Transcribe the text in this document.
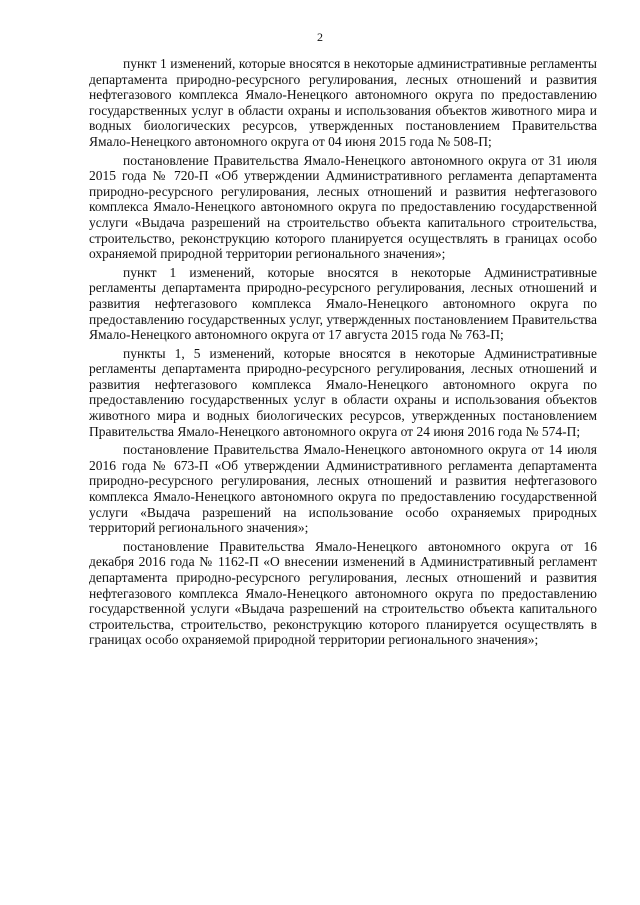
2

пункт 1 изменений, которые вносятся в некоторые административные регламенты департамента природно-ресурсного регулирования, лесных отношений и развития нефтегазового комплекса Ямало-Ненецкого автономного округа по предоставлению государственных услуг в области охраны и использования объектов животного мира и водных биологических ресурсов, утвержденных постановлением Правительства Ямало-Ненецкого автономного округа от 04 июня 2015 года № 508-П;

постановление Правительства Ямало-Ненецкого автономного округа от 31 июля 2015 года № 720-П «Об утверждении Административного регламента департамента природно-ресурсного регулирования, лесных отношений и развития нефтегазового комплекса Ямало-Ненецкого автономного округа по предоставлению государственной услуги «Выдача разрешений на строительство объекта капитального строительства, строительство, реконструкцию которого планируется осуществлять в границах особо охраняемой природной территории регионального значения»;

пункт 1 изменений, которые вносятся в некоторые Административные регламенты департамента природно-ресурсного регулирования, лесных отношений и развития нефтегазового комплекса Ямало-Ненецкого автономного округа по предоставлению государственных услуг, утвержденных постановлением Правительства Ямало-Ненецкого автономного округа от 17 августа 2015 года № 763-П;

пункты 1, 5 изменений, которые вносятся в некоторые Административные регламенты департамента природно-ресурсного регулирования, лесных отношений и развития нефтегазового комплекса Ямало-Ненецкого автономного округа по предоставлению государственных услуг в области охраны и использования объектов животного мира и водных биологических ресурсов, утвержденных постановлением Правительства Ямало-Ненецкого автономного округа от 24 июня 2016 года № 574-П;

постановление Правительства Ямало-Ненецкого автономного округа от 14 июля 2016 года № 673-П «Об утверждении Административного регламента департамента природно-ресурсного регулирования, лесных отношений и развития нефтегазового комплекса Ямало-Ненецкого автономного округа по предоставлению государственной услуги «Выдача разрешений на использование особо охраняемых природных территорий регионального значения»;

постановление Правительства Ямало-Ненецкого автономного округа от 16 декабря 2016 года № 1162-П «О внесении изменений в Административный регламент департамента природно-ресурсного регулирования, лесных отношений и развития нефтегазового комплекса Ямало-Ненецкого автономного округа по предоставлению государственной услуги «Выдача разрешений на строительство объекта капитального строительства, строительство, реконструкцию которого планируется осуществлять в границах особо охраняемой природной территории регионального значения»;
